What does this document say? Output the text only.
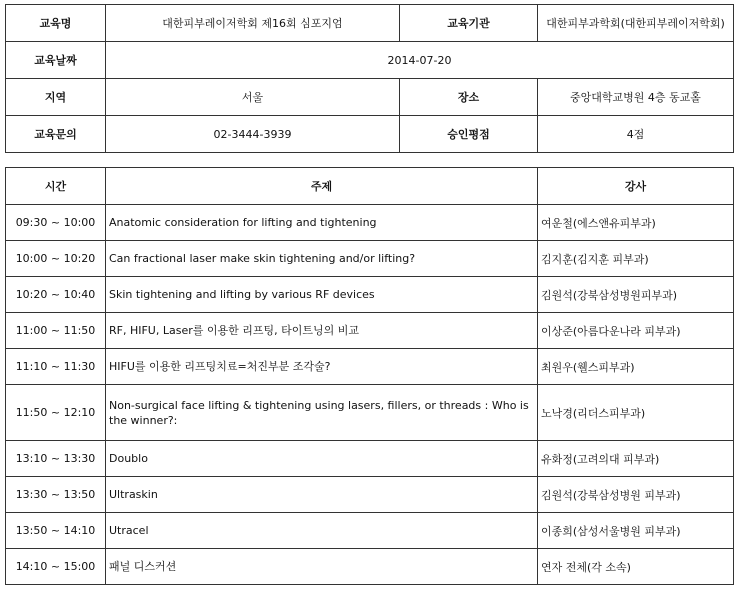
교육명	대한피부레이저학회 제16회 심포지엄	교육기관	대한피부과학회(대한피부레이저학회)
교육날짜	2014-07-20		
지역	서울	장소	중앙대학교병원 4층 동교홀
교육문의	02-3444-3939	승인평점	4점
시간	주제	강사
09:30 ~ 10:00	Anatomic consideration for lifting and tightening	여운철(에스앤유피부과)
10:00 ~ 10:20	Can fractional laser make skin tightening and/or lifting?	김지훈(김지훈 피부과)
10:20 ~ 10:40	Skin tightening and lifting by various RF devices	김원석(강북삼성병원피부과)
11:00 ~ 11:50	RF, HIFU, Laser를 이용한 리프팅, 타이트닝의 비교	이상준(아름다운나라 피부과)
11:10 ~ 11:30	HIFU를 이용한 리프팅치료=처진부분 조각술?	최원우(웰스피부과)
11:50 ~ 12:10	Non-surgical face lifting & tightening using lasers, fillers, or threads : Who is the winner?:	노낙경(리더스피부과)
13:10 ~ 13:30	Doublo	유화정(고려의대 피부과)
13:30 ~ 13:50	Ultraskin	김원석(강북삼성병원 피부과)
13:50 ~ 14:10	Utracel	이종희(삼성서울병원 피부과)
14:10 ~ 15:00	패널 디스커션	연자 전체(각 소속)
